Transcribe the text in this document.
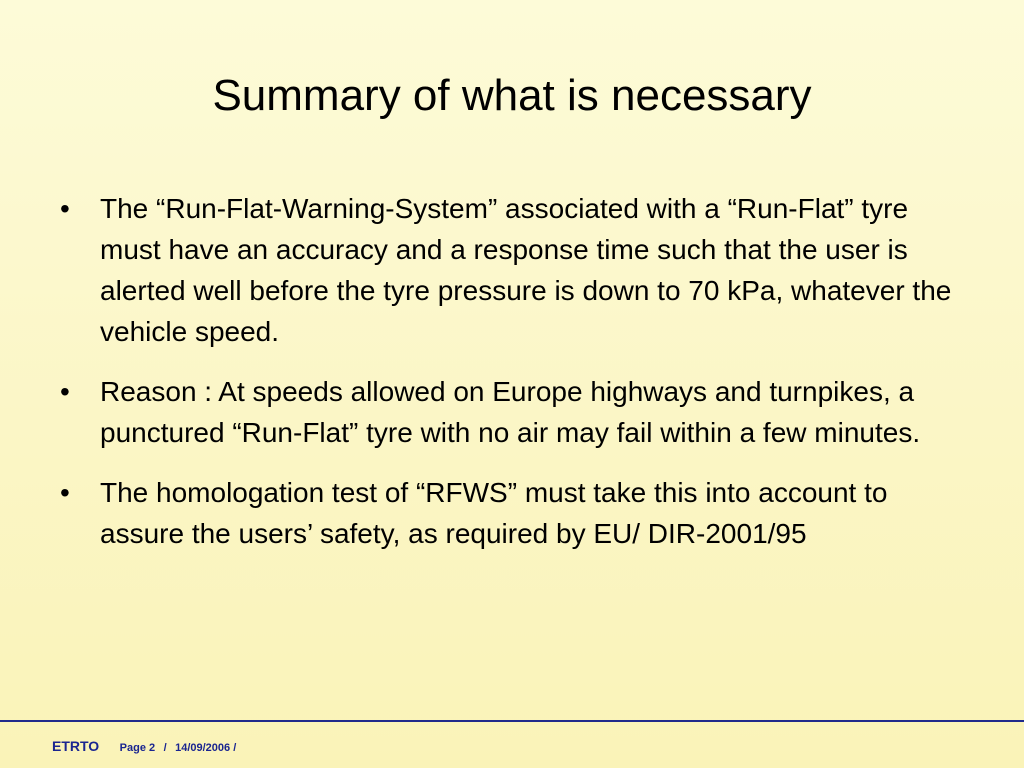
Summary of what is necessary
•	The “Run-Flat-Warning-System” associated with a “Run-Flat” tyre must have an accuracy and a response time such that the user is alerted well before the tyre pressure is down to 70 kPa, whatever the vehicle speed.
•	Reason : At speeds allowed on Europe highways and turnpikes, a punctured “Run-Flat” tyre with no air may fail within a few minutes.
•	The homologation test of “RFWS” must take this into account to assure the users’ safety, as required by EU/ DIR-2001/95
ETRTO Page 2 / 14/09/2006 /
